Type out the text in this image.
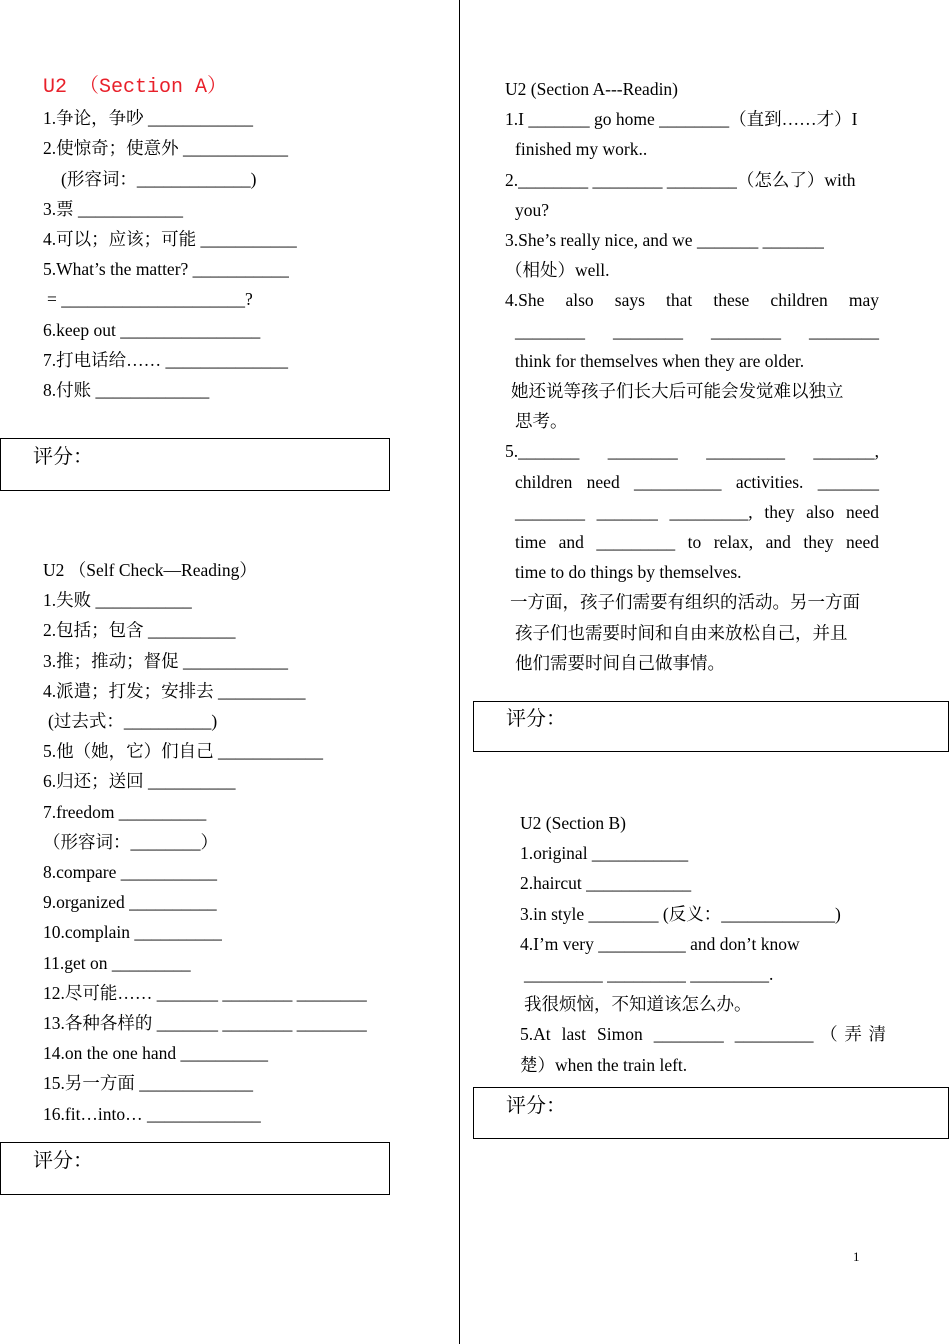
U2 （Section A）
1.争论，争吵 ____________
2.使惊奇；使意外 ____________
(形容词：_____________)
3.票 ____________
4.可以；应该；可能 ___________
5.What’s the matter? ___________
= _____________________?
6.keep out ________________
7.打电话给…… ______________
8.付账 _____________
评分：
U2 （Self Check—Reading）
1.失败 ___________
2.包括；包含 __________
3.推；推动；督促 ____________
4.派遣；打发；安排去 __________
(过去式：__________)
5.他（她，它）们自己 ____________
6.归还；送回 __________
7.freedom __________
（形容词：________）
8.compare ___________
9.organized __________
10.complain __________
11.get on _________
12.尽可能…… _______ ________ ________
13.各种各样的 _______ ________ ________
14.on the one hand __________
15.另一方面 _____________
16.fit…into… _____________
评分：
U2 (Section A---Readin)
1.I _______ go home ________（直到……才）I
finished my work..
2.________ ________ ________（怎么了）with
you?
3.She’s really nice, and we _______ _______
（相处）well.
4.She also says that these children may
________ ________ ________ ________
think for themselves when they are older.
她还说等孩子们长大后可能会发觉难以独立
思考。
5._______ ________ _________ _______,
children need __________ activities. _______
________ _______ _________, they also need
time and _________ to relax, and they need
time to do things by themselves.
一方面，孩子们需要有组织的活动。另一方面
孩子们也需要时间和自由来放松自己，并且
他们需要时间自己做事情。
评分：
U2 (Section B)
1.original ___________
2.haircut ____________
3.in style ________ (反义：_____________)
4.I’m very __________ and don’t know
_________ _________ _________.
我很烦恼，不知道该怎么办。
5.At last Simon ________ _________（弄清
楚）when the train left.
评分：
1
